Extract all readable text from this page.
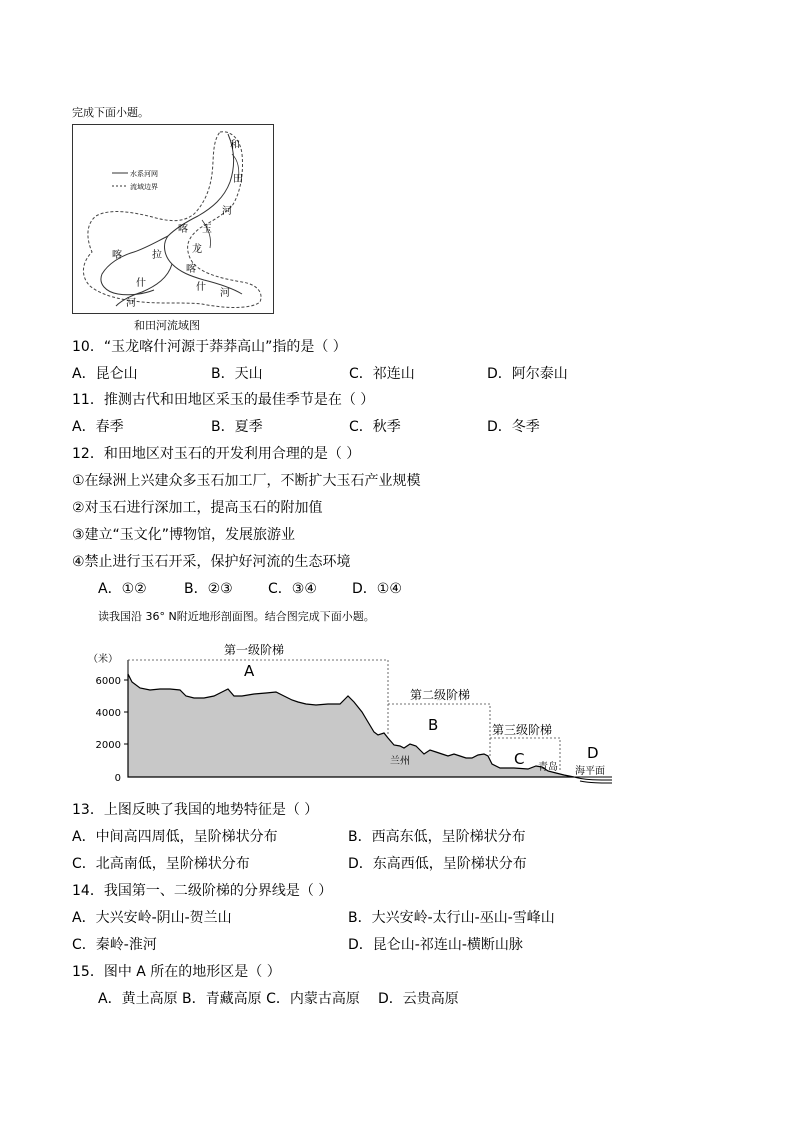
完成下面小题。
水系河网
流域边界
和
田
河
喀 玉
拉
龙
喀
喀
什	什
河
河
和田河流域图
10．“玉龙喀什河源于莽莽高山”指的是（ ）
A．昆仑山	B．天山	C．祁连山	D．阿尔泰山
11．推测古代和田地区采玉的最佳季节是在（ ）
A．春季	B．夏季	C．秋季	D．冬季
12．和田地区对玉石的开发利用合理的是（ ）
①在绿洲上兴建众多玉石加工厂，不断扩大玉石产业规模
②对玉石进行深加工，提高玉石的附加值
③建立“玉文化”博物馆，发展旅游业
④禁止进行玉石开采，保护好河流的生态环境
A．①②	B．②③	C．③④	D．①④
读我国沿 36° N附近地形剖面图。结合图完成下面小题。
（米）
6000
4000
2000
0
第一级阶梯
第二级阶梯
第三级阶梯
A
B
C	D
兰州
青岛 海平面
13．上图反映了我国的地势特征是（ ）
A．中间高四周低，呈阶梯状分布	B．西高东低，呈阶梯状分布
C．北高南低，呈阶梯状分布	D．东高西低，呈阶梯状分布
14．我国第一、二级阶梯的分界线是（ ）
A．大兴安岭-阴山-贺兰山	B．大兴安岭-太行山-巫山-雪峰山
C．秦岭-淮河	D．昆仑山-祁连山-横断山脉
15．图中 A 所在的地形区是（ ）
A．黄土高原 B．青藏高原 C．内蒙古高原 D．云贵高原
